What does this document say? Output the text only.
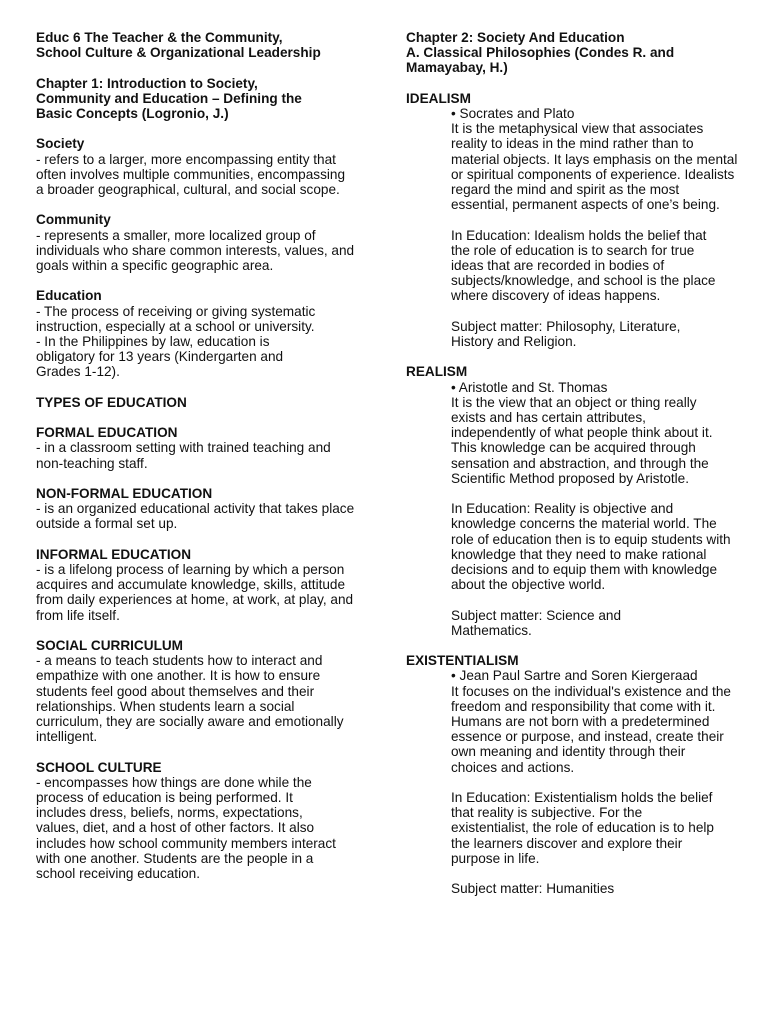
Educ 6 The Teacher & the Community,
School Culture & Organizational Leadership
Chapter 1: Introduction to Society,
Community and Education – Defining the
Basic Concepts (Logronio, J.)
Society

- refers to a larger, more encompassing entity that often involves multiple communities, encompassing a broader geographical, cultural, and social scope.

Community

- represents a smaller, more localized group of individuals who share common interests, values, and goals within a specific geographic area.

Education

- The process of receiving or giving systematic instruction, especially at a school or university.

- In the Philippines by law, education is obligatory for 13 years (Kindergarten and Grades 1-12).

TYPES OF EDUCATION
FORMAL EDUCATION

- in a classroom setting with trained teaching and non-teaching staff.

NON-FORMAL EDUCATION

- is an organized educational activity that takes place outside a formal set up.

INFORMAL EDUCATION

- is a lifelong process of learning by which a person acquires and accumulate knowledge, skills, attitude from daily experiences at home, at work, at play, and from life itself.

SOCIAL CURRICULUM

- a means to teach students how to interact and empathize with one another. It is how to ensure students feel good about themselves and their relationships. When students learn a social curriculum, they are socially aware and emotionally intelligent.

SCHOOL CULTURE

- encompasses how things are done while the process of education is being performed. It includes dress, beliefs, norms, expectations, values, diet, and a host of other factors. It also includes how school community members interact with one another. Students are the people in a school receiving education.

Chapter 2: Society And Education
A. Classical Philosophies (Condes R. and
Mamayabay, H.)
IDEALISM
• Socrates and Plato

It is the metaphysical view that associates reality to ideas in the mind rather than to material objects. It lays emphasis on the mental or spiritual components of experience. Idealists regard the mind and spirit as the most essential, permanent aspects of one’s being.

In Education: Idealism holds the belief that the role of education is to search for true ideas that are recorded in bodies of subjects/knowledge, and school is the place where discovery of ideas happens.

Subject matter: Philosophy, Literature, History and Religion.

REALISM
• Aristotle and St. Thomas

It is the view that an object or thing really exists and has certain attributes, independently of what people think about it. This knowledge can be acquired through sensation and abstraction, and through the Scientific Method proposed by Aristotle.

In Education: Reality is objective and knowledge concerns the material world. The role of education then is to equip students with knowledge that they need to make rational decisions and to equip them with knowledge about the objective world.

Subject matter: Science and Mathematics.

EXISTENTIALISM
• Jean Paul Sartre and Soren Kiergeraad

It focuses on the individual's existence and the freedom and responsibility that come with it. Humans are not born with a predetermined essence or purpose, and instead, create their own meaning and identity through their choices and actions.

In Education: Existentialism holds the belief that reality is subjective. For the existentialist, the role of education is to help the learners discover and explore their purpose in life.

Subject matter: Humanities
